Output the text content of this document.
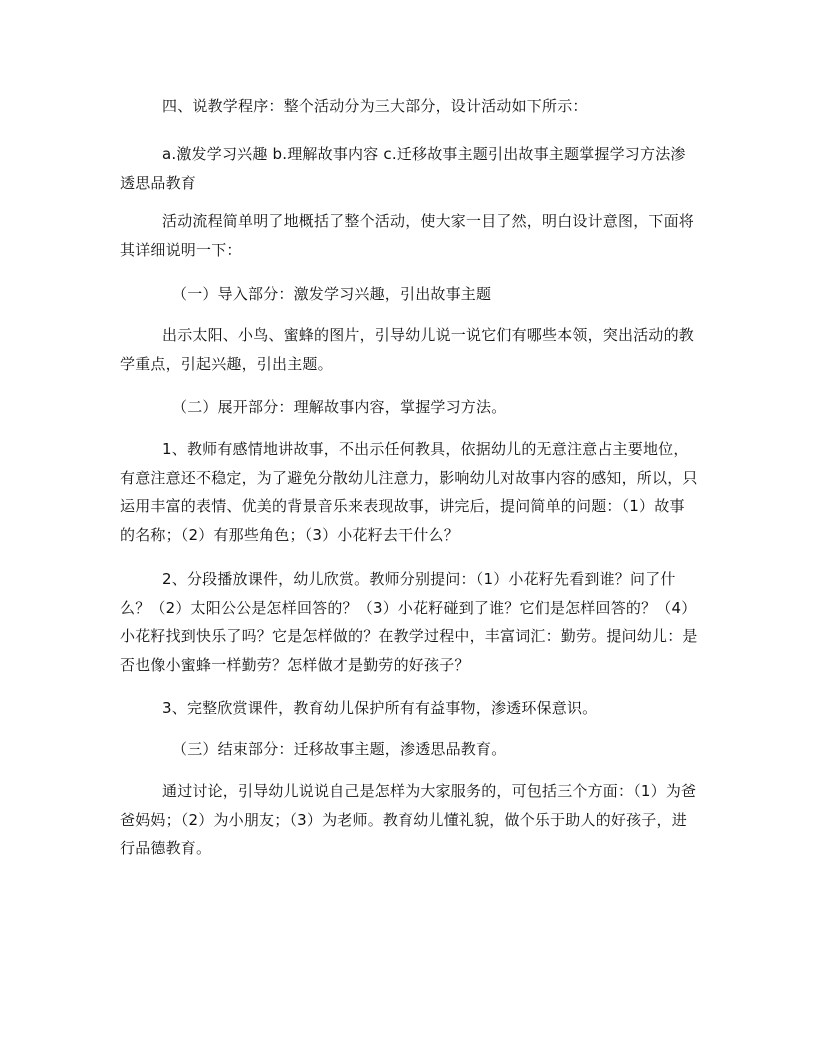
四、说教学程序：整个活动分为三大部分，设计活动如下所示：

a.激发学习兴趣 b.理解故事内容 c.迁移故事主题引出故事主题掌握学习方法渗透思品教育

活动流程简单明了地概括了整个活动，使大家一目了然，明白设计意图，下面将其详细说明一下：

（一）导入部分：激发学习兴趣，引出故事主题

出示太阳、小鸟、蜜蜂的图片，引导幼儿说一说它们有哪些本领，突出活动的教学重点，引起兴趣，引出主题。

（二）展开部分：理解故事内容，掌握学习方法。

1、教师有感情地讲故事，不出示任何教具，依据幼儿的无意注意占主要地位，有意注意还不稳定，为了避免分散幼儿注意力，影响幼儿对故事内容的感知，所以，只运用丰富的表情、优美的背景音乐来表现故事，讲完后，提问简单的问题：（1）故事的名称；（2）有那些角色；（3）小花籽去干什么？

2、分段播放课件，幼儿欣赏。教师分别提问：（1）小花籽先看到谁？问了什么？（2）太阳公公是怎样回答的？（3）小花籽碰到了谁？它们是怎样回答的？（4）小花籽找到快乐了吗？它是怎样做的？在教学过程中，丰富词汇：勤劳。提问幼儿：是否也像小蜜蜂一样勤劳？怎样做才是勤劳的好孩子？

3、完整欣赏课件，教育幼儿保护所有有益事物，渗透环保意识。

（三）结束部分：迁移故事主题，渗透思品教育。

通过讨论，引导幼儿说说自己是怎样为大家服务的，可包括三个方面：（1）为爸爸妈妈；（2）为小朋友；（3）为老师。教育幼儿懂礼貌，做个乐于助人的好孩子，进行品德教育。
